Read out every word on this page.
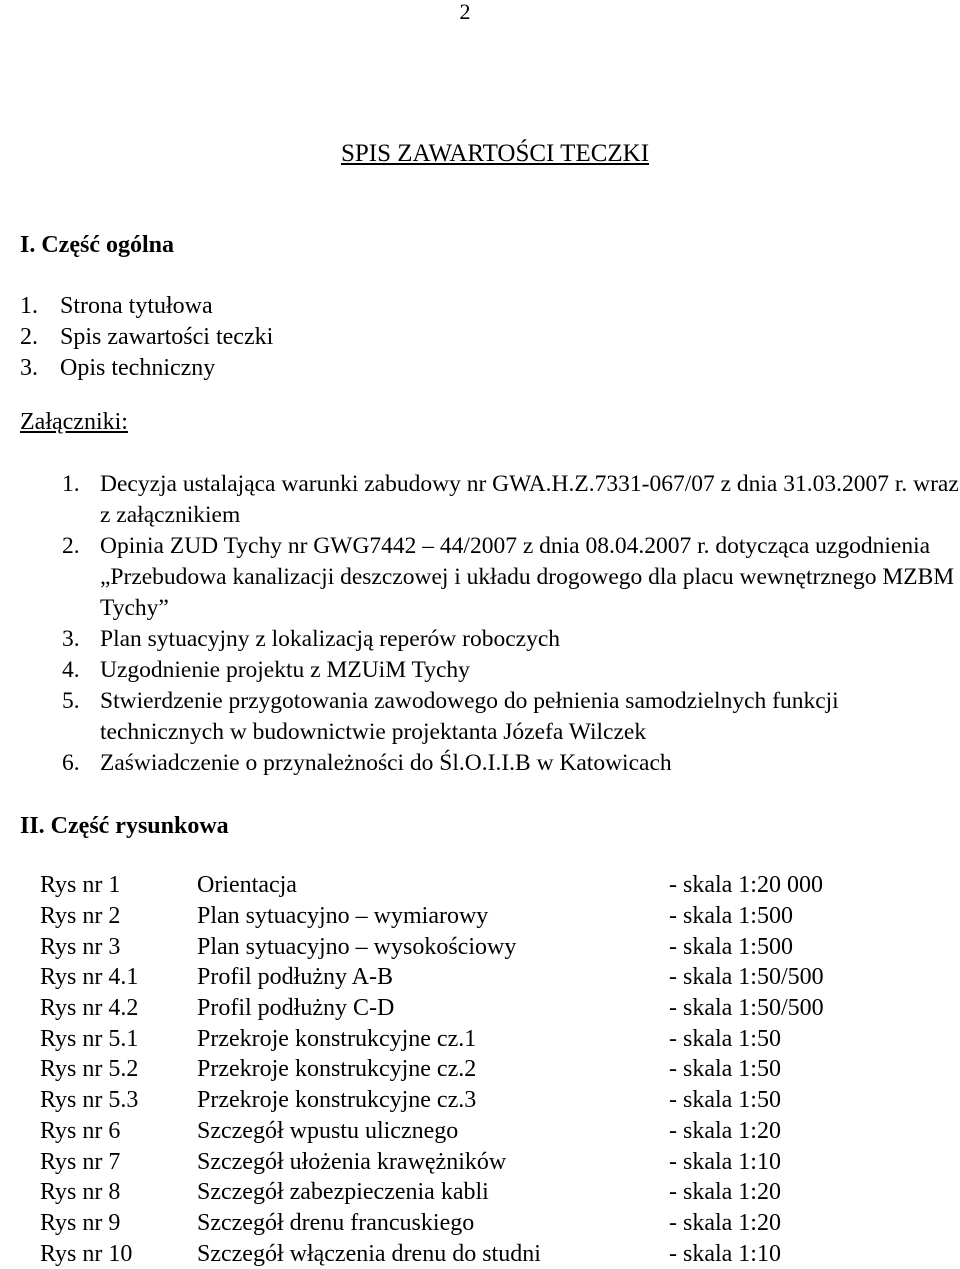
2
SPIS ZAWARTOŚCI TECZKI
I. Część ogólna
1. Strona tytułowa
2. Spis zawartości teczki
3. Opis techniczny
Załączniki:
1. Decyzja ustalająca warunki zabudowy nr GWA.H.Z.7331-067/07 z dnia 31.03.2007 r. wraz z załącznikiem
2. Opinia ZUD Tychy nr GWG7442 – 44/2007 z dnia 08.04.2007 r. dotycząca uzgodnienia „Przebudowa kanalizacji deszczowej i układu drogowego dla placu wewnętrznego MZBM Tychy”
3. Plan sytuacyjny z lokalizacją reperów roboczych
4. Uzgodnienie projektu z MZUiM Tychy
5. Stwierdzenie przygotowania zawodowego do pełnienia samodzielnych funkcji technicznych w budownictwie projektanta Józefa Wilczek
6. Zaświadczenie o przynależności do Śl.O.I.I.B w Katowicach
II. Część rysunkowa
Rys nr 1	Orientacja	- skala 1:20 000
Rys nr 2	Plan sytuacyjno – wymiarowy	- skala 1:500
Rys nr 3	Plan sytuacyjno – wysokościowy	- skala 1:500
Rys nr 4.1	Profil podłużny A-B	- skala 1:50/500
Rys nr 4.2	Profil podłużny C-D	- skala 1:50/500
Rys nr 5.1	Przekroje konstrukcyjne cz.1	- skala 1:50
Rys nr 5.2	Przekroje konstrukcyjne cz.2	- skala 1:50
Rys nr 5.3	Przekroje konstrukcyjne cz.3	- skala 1:50
Rys nr 6	Szczegół wpustu ulicznego	- skala 1:20
Rys nr 7	Szczegół ułożenia krawężników	- skala 1:10
Rys nr 8	Szczegół zabezpieczenia kabli	- skala 1:20
Rys nr 9	Szczegół drenu francuskiego	- skala 1:20
Rys nr 10	Szczegół włączenia drenu do studni	- skala 1:10
